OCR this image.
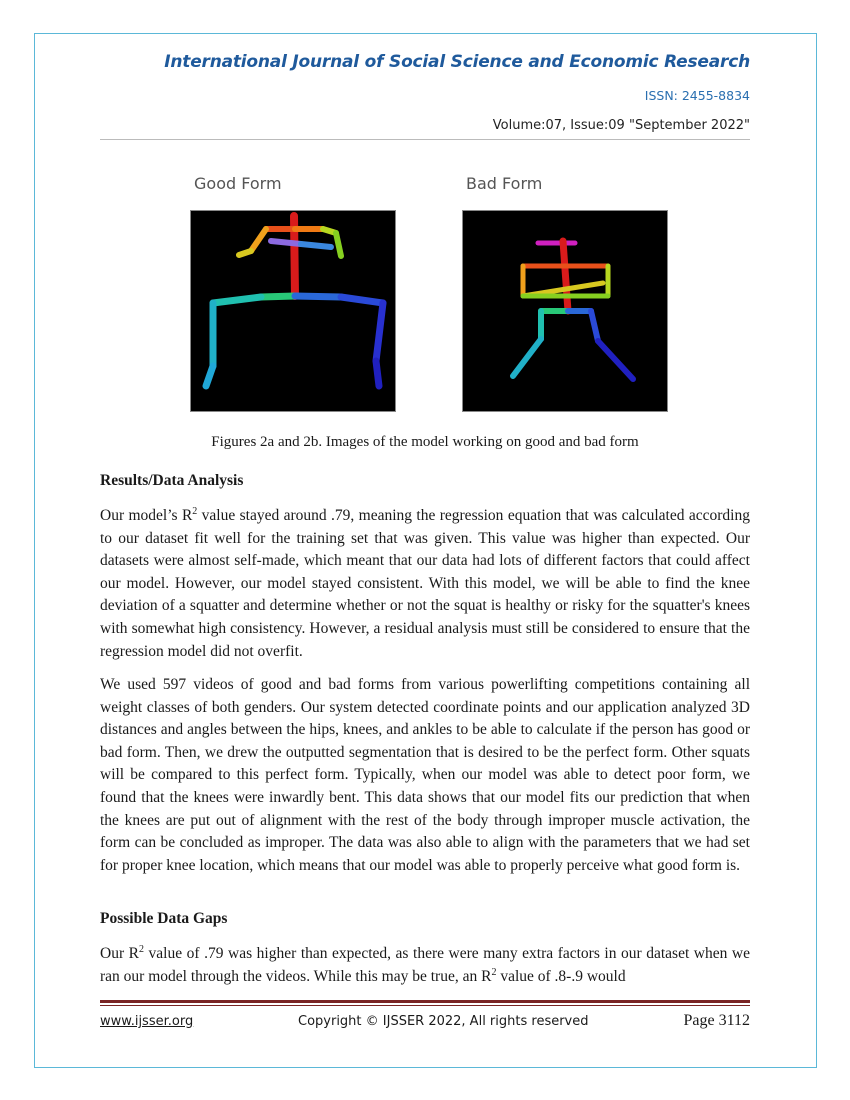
International Journal of Social Science and Economic Research
ISSN: 2455-8834
Volume:07, Issue:09 "September 2022"
Good Form	Bad Form
Figures 2a and 2b. Images of the model working on good and bad form
Results/Data Analysis

Our model’s $R^2$ value stayed around .79, meaning the regression equation that was calculated according to our dataset fit well for the training set that was given. This value was higher than expected. Our datasets were almost self-made, which meant that our data had lots of different factors that could affect our model. However, our model stayed consistent. With this model, we will be able to find the knee deviation of a squatter and determine whether or not the squat is healthy or risky for the squatter's knees with somewhat high consistency. However, a residual analysis must still be considered to ensure that the regression model did not overfit.

We used 597 videos of good and bad forms from various powerlifting competitions containing all weight classes of both genders. Our system detected coordinate points and our application analyzed 3D distances and angles between the hips, knees, and ankles to be able to calculate if the person has good or bad form. Then, we drew the outputted segmentation that is desired to be the perfect form. Other squats will be compared to this perfect form. Typically, when our model was able to detect poor form, we found that the knees were inwardly bent. This data shows that our model fits our prediction that when the knees are put out of alignment with the rest of the body through improper muscle activation, the form can be concluded as improper. The data was also able to align with the parameters that we had set for proper knee location, which means that our model was able to properly perceive what good form is.

Possible Data Gaps

Our $R^2$ value of .79 was higher than expected, as there were many extra factors in our dataset when we ran our model through the videos. While this may be true, an $R^2$ value of .8-.9 would

www.ijsser.org	Copyright © IJSSER 2022, All rights reserved	Page 3112
